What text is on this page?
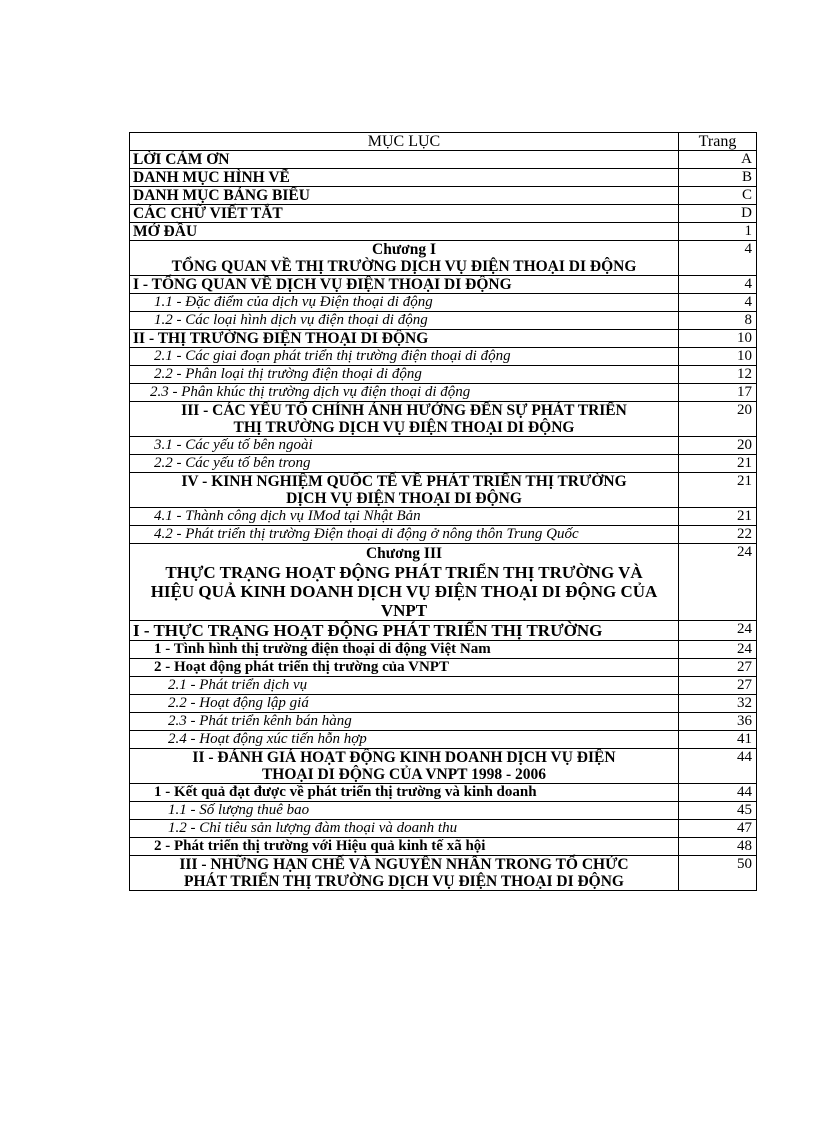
MỤC LỤC	Trang
LỜI CẢM ƠN	A
DANH MỤC HÌNH VẼ	B
DANH MỤC BẢNG BIỂU	C
CÁC CHỮ VIẾT TẮT	D
MỞ ĐẦU	1

Chương I
TỔNG QUAN VỀ THỊ TRƯỜNG DỊCH VỤ ĐIỆN THOẠI DI ĐỘNG	4
I - TỔNG QUAN VỀ DỊCH VỤ ĐIỆN THOẠI DI ĐỘNG	4
1.1 - Đặc điểm của dịch vụ Điện thoại di động	4
1.2 - Các loại hình dịch vụ điện thoại di động	8
II - THỊ TRƯỜNG ĐIỆN THOẠI DI ĐỘNG	10
2.1 - Các giai đoạn phát triển thị trường điện thoại di động	10
2.2 - Phân loại thị trường điện thoại di động	12
2.3 - Phân khúc thị trường dịch vụ điện thoại di động	17

III - CÁC YẾU TỐ CHÍNH ẢNH HƯỞNG ĐẾN SỰ PHÁT TRIỂN
THỊ TRƯỜNG DỊCH VỤ ĐIỆN THOẠI DI ĐỘNG	20
3.1 - Các yếu tố bên ngoài	20
2.2 - Các yếu tố bên trong	21

IV - KINH NGHIỆM QUỐC TẾ VỀ PHÁT TRIỂN THỊ TRƯỜNG
DỊCH VỤ ĐIỆN THOẠI DI ĐỘNG	21
4.1 - Thành công dịch vụ IMod tại Nhật Bản	21
4.2 - Phát triển thị trường Điện thoại di động ở nông thôn Trung Quốc	22

Chương III
THỰC TRẠNG HOẠT ĐỘNG PHÁT TRIỂN THỊ TRƯỜNG VÀ
HIỆU QUẢ KINH DOANH DỊCH VỤ ĐIỆN THOẠI DI ĐỘNG CỦA
VNPT	24
I - THỰC TRẠNG HOẠT ĐỘNG PHÁT TRIỂN THỊ TRƯỜNG	24
1 - Tình hình thị trường điện thoại di động Việt Nam	24
2 - Hoạt động phát triển thị trường của VNPT	27
2.1 - Phát triển dịch vụ	27
2.2 - Hoạt động lập giá	32
2.3 - Phát triển kênh bán hàng	36
2.4 - Hoạt động xúc tiến hỗn hợp	41

II - ĐÁNH GIÁ HOẠT ĐỘNG KINH DOANH DỊCH VỤ ĐIỆN
THOẠI DI ĐỘNG CỦA VNPT 1998 - 2006	44
1 - Kết quả đạt được về phát triển thị trường và kinh doanh	44
1.1 - Số lượng thuê bao	45
1.2 - Chỉ tiêu sản lượng đàm thoại và doanh thu	47
2 - Phát triển thị trường với Hiệu quả kinh tế xã hội	48

III - NHỮNG HẠN CHẾ VÀ NGUYÊN NHÂN TRONG TỔ CHỨC
PHÁT TRIỂN THỊ TRƯỜNG DỊCH VỤ ĐIỆN THOẠI DI ĐỘNG	50
